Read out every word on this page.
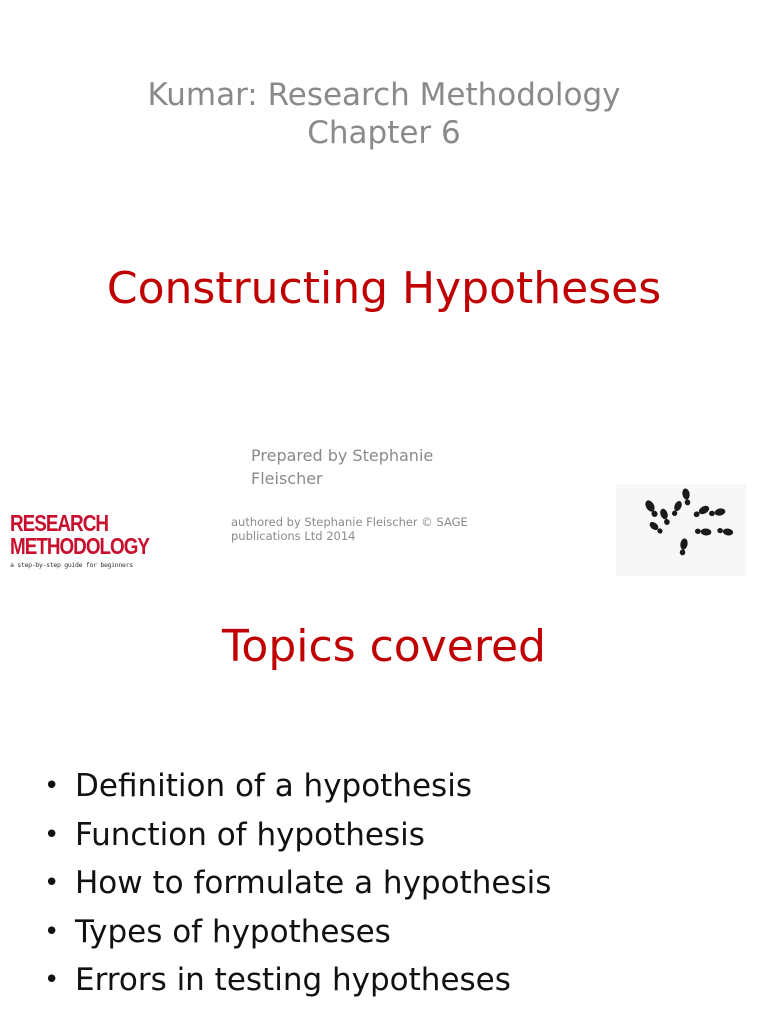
Kumar: Research Methodology
Chapter 6
Constructing Hypotheses
Prepared by Stephanie
Fleischer
RESEARCH
METHODOLOGY
a step-by-step guide for beginners
authored by Stephanie Fleischer © SAGE
publications Ltd 2014
Topics covered
• Definition of a hypothesis
• Function of hypothesis
• How to formulate a hypothesis
• Types of hypotheses
• Errors in testing hypotheses
